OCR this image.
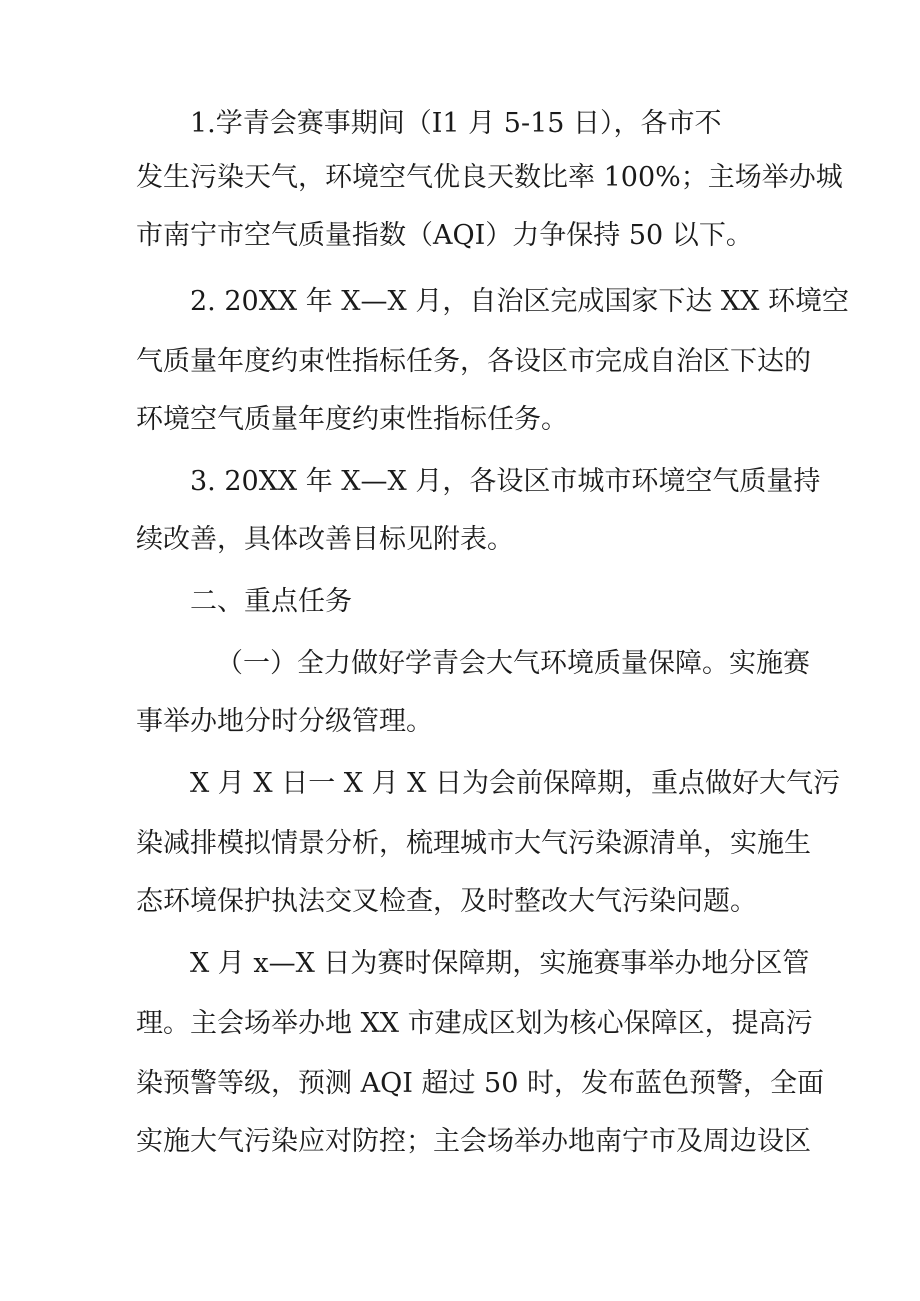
1.学青会赛事期间（I1 月 5-15 日），各市不
发生污染天气，环境空气优良天数比率 100%；主场举办城
市南宁市空气质量指数（AQI）力争保持 50 以下。
2. 20XX 年 X—X 月，自治区完成国家下达 XX 环境空
气质量年度约束性指标任务，各设区市完成自治区下达的
环境空气质量年度约束性指标任务。
3. 20XX 年 X—X 月，各设区市城市环境空气质量持
续改善，具体改善目标见附表。
二、重点任务
（一）全力做好学青会大气环境质量保障。实施赛
事举办地分时分级管理。
X 月 X 日一 X 月 X 日为会前保障期，重点做好大气污
染减排模拟情景分析，梳理城市大气污染源清单，实施生
态环境保护执法交叉检查，及时整改大气污染问题。
X 月 x—X 日为赛时保障期，实施赛事举办地分区管
理。主会场举办地 XX 市建成区划为核心保障区，提高污
染预警等级，预测 AQI 超过 50 时，发布蓝色预警，全面
实施大气污染应对防控；主会场举办地南宁市及周边设区
